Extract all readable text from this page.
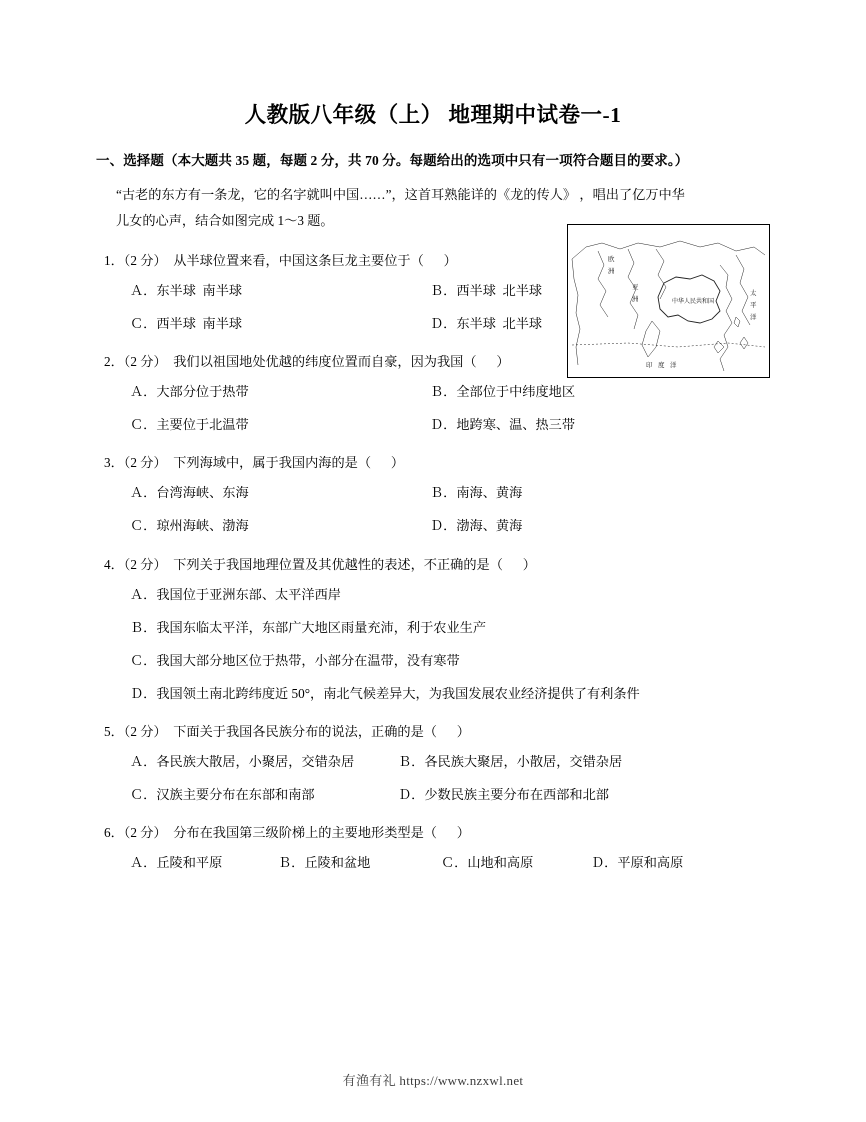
人教版八年级（上） 地理期中试卷一-1
一、选择题（本大题共 35 题，每题 2 分，共 70 分。每题给出的选项中只有一项符合题目的要求。）
“古老的东方有一条龙，它的名字就叫中国……”，这首耳熟能详的《龙的传人》 ，唱出了亿万中华
儿女的心声，结合如图完成 1～3 题。
欧
洲
亚
洲	中华人民共和国
太
平
洋
印 度 洋
1．（2 分） 从半球位置来看，中国这条巨龙主要位于（      ）
Ａ．东半球  南半球	Ｂ．西半球  北半球
Ｃ．西半球  南半球	Ｄ．东半球  北半球
2．（2 分） 我们以祖国地处优越的纬度位置而自豪，因为我国（      ）
Ａ．大部分位于热带	Ｂ．全部位于中纬度地区
Ｃ．主要位于北温带	Ｄ．地跨寒、温、热三带
3．（2 分） 下列海域中，属于我国内海的是（      ）
Ａ．台湾海峡、东海	Ｂ．南海、黄海
Ｃ．琼州海峡、渤海	Ｄ．渤海、黄海
4．（2 分） 下列关于我国地理位置及其优越性的表述，不正确的是（      ）
Ａ．我国位于亚洲东部、太平洋西岸
Ｂ．我国东临太平洋，东部广大地区雨量充沛，利于农业生产
Ｃ．我国大部分地区位于热带，小部分在温带，没有寒带
Ｄ．我国领土南北跨纬度近 50°，南北气候差异大，为我国发展农业经济提供了有利条件
5．（2 分） 下面关于我国各民族分布的说法，正确的是（      ）
Ａ．各民族大散居，小聚居，交错杂居	Ｂ．各民族大聚居，小散居，交错杂居
Ｃ．汉族主要分布在东部和南部	Ｄ．少数民族主要分布在西部和北部
6．（2 分） 分布在我国第三级阶梯上的主要地形类型是（      ）
Ａ．丘陵和平原	Ｂ．丘陵和盆地	Ｃ．山地和高原	Ｄ．平原和高原
有渔有礼 https://www.nzxwl.net
